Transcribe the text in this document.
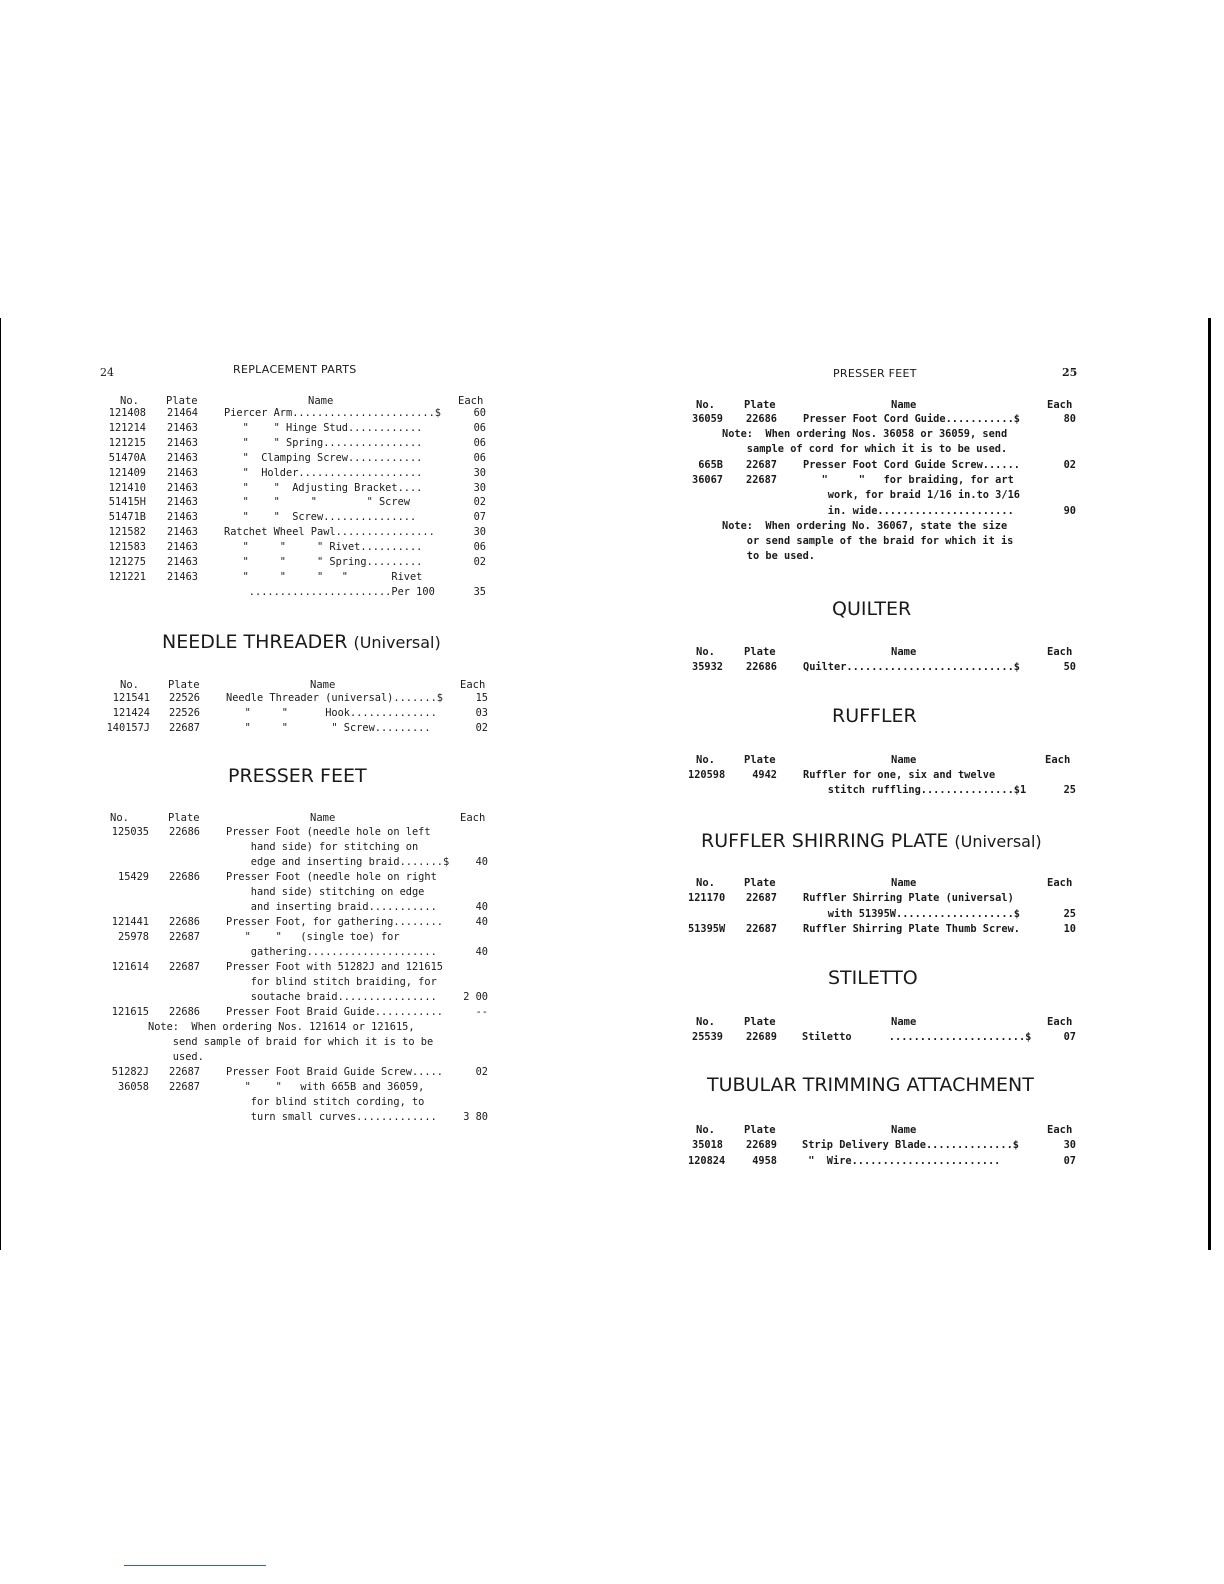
24	REPLACEMENT PARTS
No.	Plate	Name	Each
121408	21464	Piercer Arm.......................$	60
121214	21463	"    " Hinge Stud............	06
121215	21463	"    " Spring................	06
51470A	21463	"  Clamping Screw............	06
121409	21463	"  Holder....................	30
121410	21463	"    "  Adjusting Bracket....	30
51415H	21463	"    "     "        " Screw	02
51471B	21463	"    "  Screw...............	07
121582	21463	Ratchet Wheel Pawl................	30
121583	21463	"     "     " Rivet..........	06
121275	21463	"     "     " Spring.........	02
121221	21463	"     "     "   "       Rivet
.......................Per 100	35
NEEDLE THREADER (Universal)
No.	Plate	Name	Each
121541	22526	Needle Threader (universal).......$	15
121424	22526	"     "      Hook..............	03
140157J	22687	"     "       " Screw.........	02
PRESSER FEET
No.	Plate	Name	Each
125035	22686	Presser Foot (needle hole on left
hand side) for stitching on
edge and inserting braid.......$	40
15429	22686	Presser Foot (needle hole on right
hand side) stitching on edge
and inserting braid...........	40
121441	22686	Presser Foot, for gathering........	40
25978	22687	"    "   (single toe) for
gathering.....................	40
121614	22687	Presser Foot with 51282J and 121615
for blind stitch braiding, for
soutache braid................	2 00
121615	22686	Presser Foot Braid Guide...........	--
Note:  When ordering Nos. 121614 or 121615,
send sample of braid for which it is to be
used.
51282J	22687	Presser Foot Braid Guide Screw.....	02
36058	22687	"    "   with 665B and 36059,
for blind stitch cording, to
turn small curves.............	3 80
PRESSER FEET	25
No.	Plate	Name	Each
36059	22686	Presser Foot Cord Guide...........$	80
Note:  When ordering Nos. 36058 or 36059, send
sample of cord for which it is to be used.
665B	22687	Presser Foot Cord Guide Screw......	02
36067	22687	"     "   for braiding, for art
work, for braid 1/16 in.to 3/16
in. wide......................	90
Note:  When ordering No. 36067, state the size
or send sample of the braid for which it is
to be used.
QUILTER
No.	Plate	Name	Each
35932	22686	Quilter...........................$	50
RUFFLER
No.	Plate	Name	Each
120598	4942	Ruffler for one, six and twelve
stitch ruffling...............$1	25
RUFFLER SHIRRING PLATE (Universal)
No.	Plate	Name	Each
121170	22687	Ruffler Shirring Plate (universal)
with 51395W...................$	25
51395W	22687	Ruffler Shirring Plate Thumb Screw.	10
STILETTO
No.	Plate	Name	Each
25539	22689 Stiletto      ......................$	07
TUBULAR TRIMMING ATTACHMENT
No.	Plate	Name	Each
35018	22689 Strip Delivery Blade..............$	30
120824	4958 "  Wire........................	07
